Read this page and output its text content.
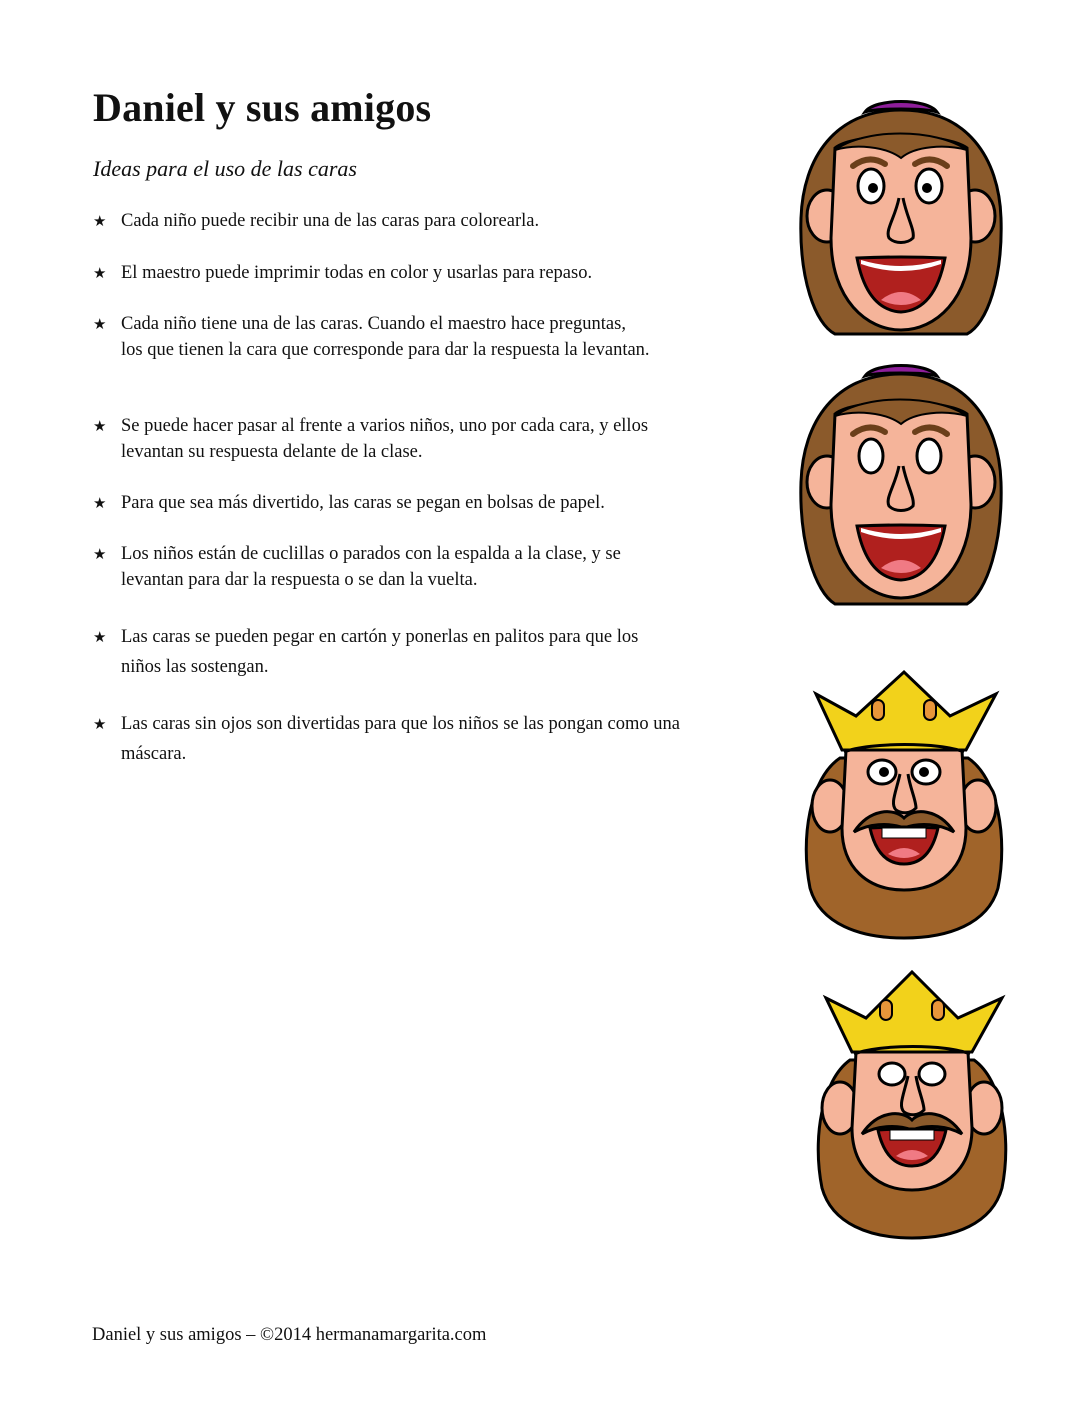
Daniel y sus amigos
Ideas para el uso de las caras
★ Cada niño puede recibir una de las caras para colorearla.
★ El maestro puede imprimir todas en color y usarlas para repaso.
★ Cada niño tiene una de las caras. Cuando el maestro hace preguntas, los que tienen la cara que corresponde para dar la respuesta la levantan.
★ Se puede hacer pasar al frente a varios niños, uno por cada cara, y ellos levantan su respuesta delante de la clase.
★ Para que sea más divertido, las caras se pegan en bolsas de papel.
★ Los niños están de cuclillas o parados con la espalda a la clase, y se levantan para dar la respuesta o se dan la vuelta.
★ Las caras se pueden pegar en cartón y ponerlas en palitos para que los niños las sostengan.
★ Las caras sin ojos son divertidas para que los niños se las pongan como una máscara.
Daniel y sus amigos – ©2014 hermanamargarita.com
